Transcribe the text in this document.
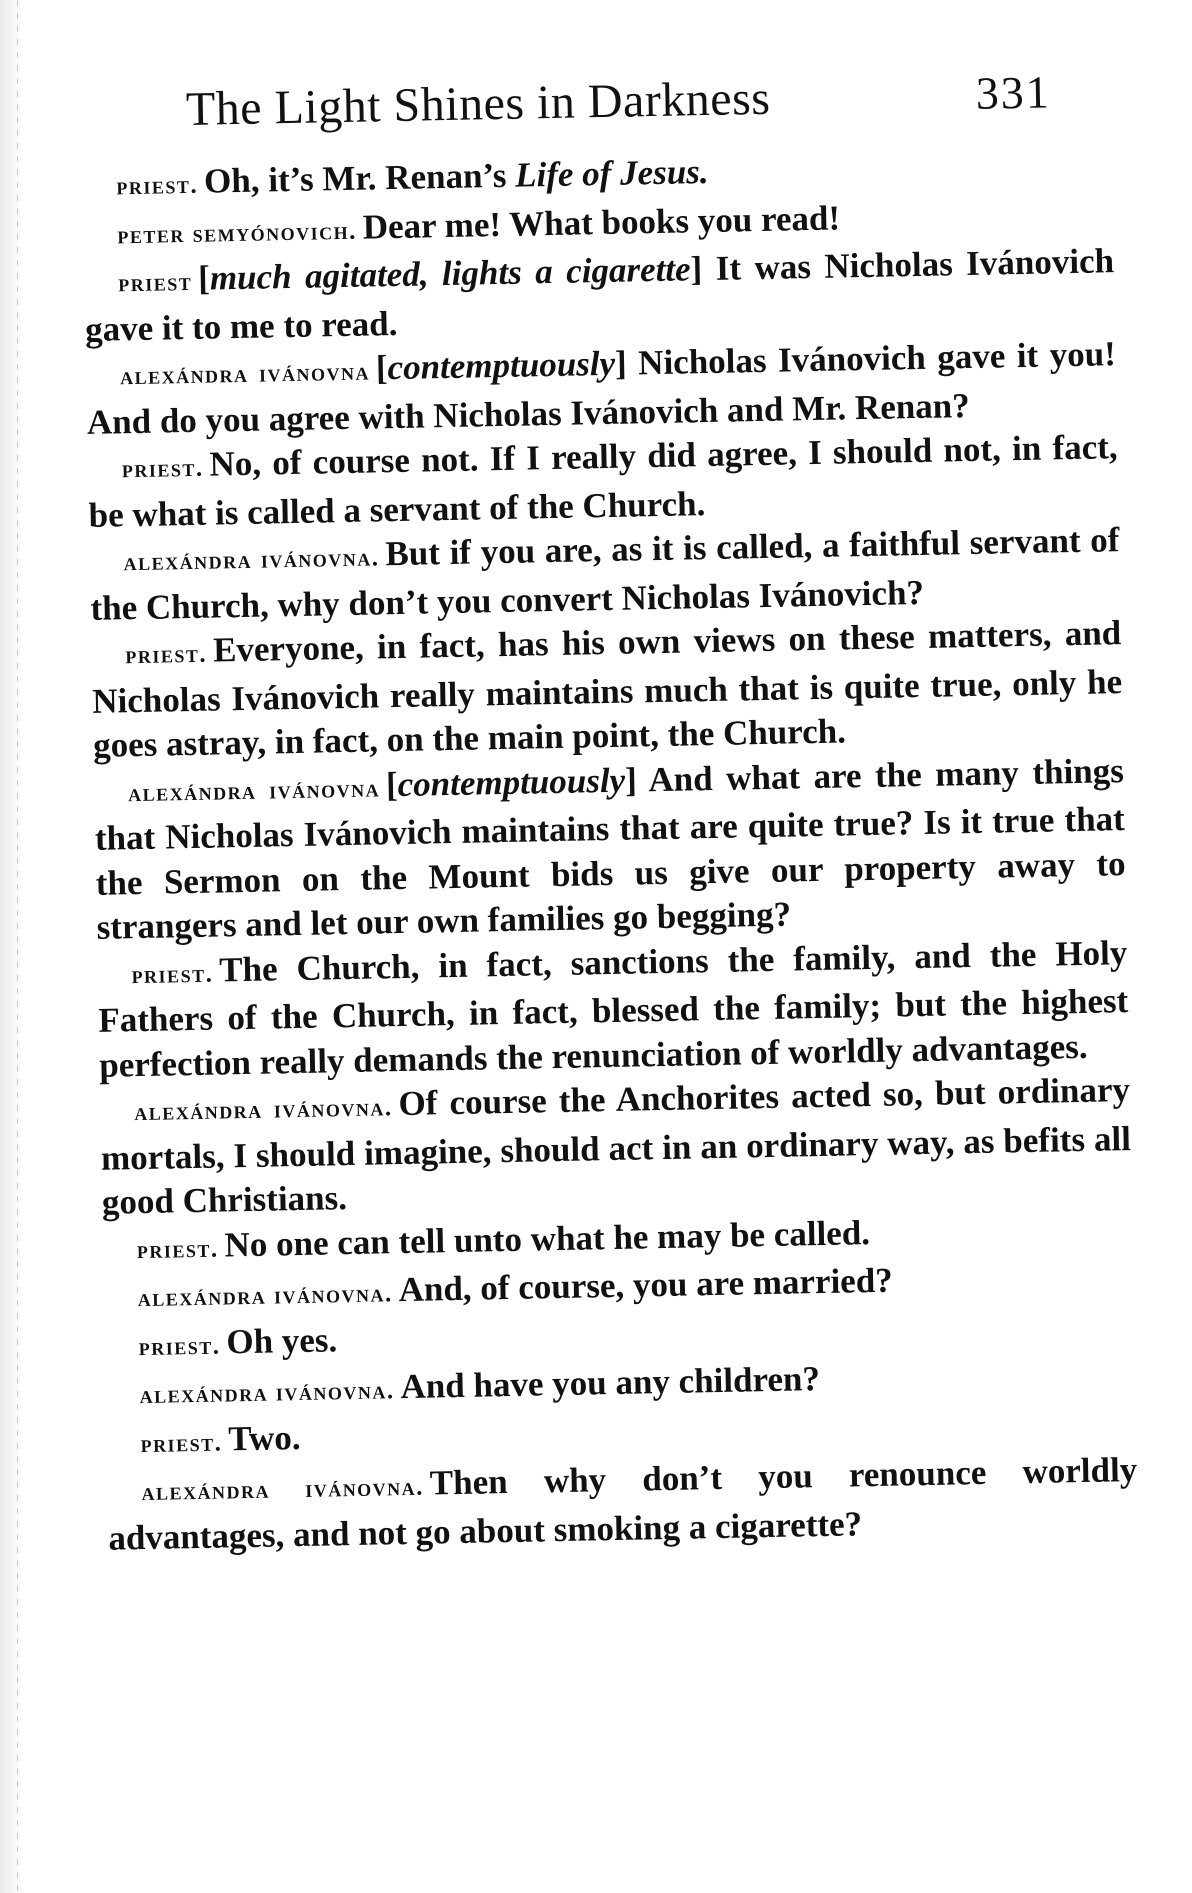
The Light Shines in Darkness	331

priest. Oh, it’s Mr. Renan’s Life of Jesus.

peter semyónovich. Dear me! What books you read!

priest [much agitated, lights a cigarette] It was Nicholas Ivánovich gave it to me to read.

alexándra ivánovna [contemptuously] Nicholas Ivánovich gave it you! And do you agree with Nicholas Ivánovich and Mr. Renan?

priest. No, of course not. If I really did agree, I should not, in fact, be what is called a servant of the Church.

alexándra ivánovna. But if you are, as it is called, a faithful servant of the Church, why don’t you convert Nicholas Ivánovich?

priest. Everyone, in fact, has his own views on these matters, and Nicholas Ivánovich really maintains much that is quite true, only he goes astray, in fact, on the main point, the Church.

alexándra ivánovna [contemptuously] And what are the many things that Nicholas Ivánovich maintains that are quite true? Is it true that the Sermon on the Mount bids us give our property away to strangers and let our own families go begging?

priest. The Church, in fact, sanctions the family, and the Holy Fathers of the Church, in fact, blessed the family; but the highest perfection really demands the renunciation of worldly advantages.

alexándra ivánovna. Of course the Anchorites acted so, but ordinary mortals, I should imagine, should act in an ordinary way, as befits all good Christians.

priest. No one can tell unto what he may be called.

alexándra ivánovna. And, of course, you are married?

priest. Oh yes.

alexándra ivánovna. And have you any children?

priest. Two.

alexándra ivánovna. Then why don’t you renounce worldly advantages, and not go about smoking a cigarette?
